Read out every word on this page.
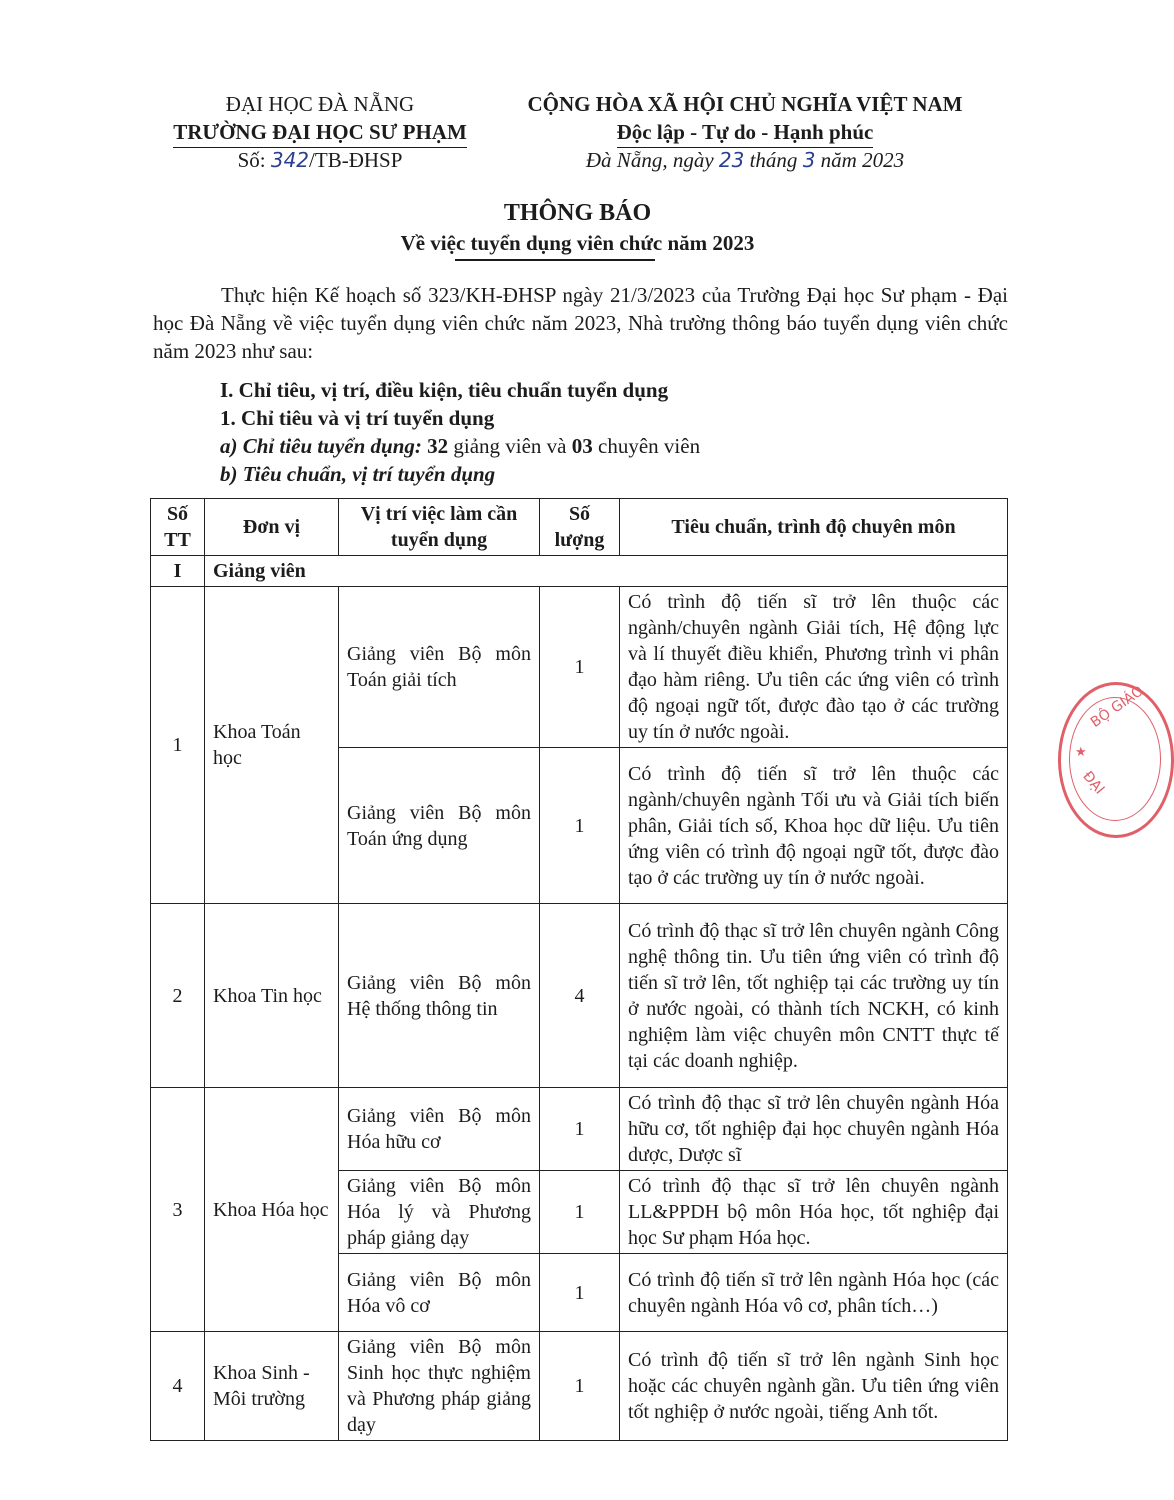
ĐẠI HỌC ĐÀ NẴNG
TRƯỜNG ĐẠI HỌC SƯ PHẠM
Số: 342/TB-ĐHSP
CỘNG HÒA XÃ HỘI CHỦ NGHĨA VIỆT NAM
Độc lập - Tự do - Hạnh phúc
Đà Nẵng, ngày 23 tháng 3 năm 2023
THÔNG BÁO
Về việc tuyển dụng viên chức năm 2023

Thực hiện Kế hoạch số 323/KH-ĐHSP ngày 21/3/2023 của Trường Đại học Sư phạm - Đại học Đà Nẵng về việc tuyển dụng viên chức năm 2023, Nhà trường thông báo tuyển dụng viên chức năm 2023 như sau:

I. Chỉ tiêu, vị trí, điều kiện, tiêu chuẩn tuyển dụng
1. Chỉ tiêu và vị trí tuyển dụng
a) Chỉ tiêu tuyển dụng: 32 giảng viên và 03 chuyên viên
b) Tiêu chuẩn, vị trí tuyển dụng
Số TT	Đơn vị	Vị trí việc làm cần tuyển dụng	Số lượng	Tiêu chuẩn, trình độ chuyên môn
I	Giảng viên			
1	Khoa Toán học	Giảng viên Bộ môn Toán giải tích	1	Có trình độ tiến sĩ trở lên thuộc các ngành/chuyên ngành Giải tích, Hệ động lực và lí thuyết điều khiển, Phương trình vi phân đạo hàm riêng. Ưu tiên các ứng viên có trình độ ngoại ngữ tốt, được đào tạo ở các trường uy tín ở nước ngoài.
		Giảng viên Bộ môn Toán ứng dụng	1	Có trình độ tiến sĩ trở lên thuộc các ngành/chuyên ngành Tối ưu và Giải tích biến phân, Giải tích số, Khoa học dữ liệu. Ưu tiên ứng viên có trình độ ngoại ngữ tốt, được đào tạo ở các trường uy tín ở nước ngoài.
2	Khoa Tin học	Giảng viên Bộ môn Hệ thống thông tin	4	Có trình độ thạc sĩ trở lên chuyên ngành Công nghệ thông tin. Ưu tiên ứng viên có trình độ tiến sĩ trở lên, tốt nghiệp tại các trường uy tín ở nước ngoài, có thành tích NCKH, có kinh nghiệm làm việc chuyên môn CNTT thực tế tại các doanh nghiệp.
3	Khoa Hóa học	Giảng viên Bộ môn Hóa hữu cơ	1	Có trình độ thạc sĩ trở lên chuyên ngành Hóa hữu cơ, tốt nghiệp đại học chuyên ngành Hóa dược, Dược sĩ
		Giảng viên Bộ môn Hóa lý và Phương pháp giảng dạy	1	Có trình độ thạc sĩ trở lên chuyên ngành LL&PPDH bộ môn Hóa học, tốt nghiệp đại học Sư phạm Hóa học.
		Giảng viên Bộ môn Hóa vô cơ	1	Có trình độ tiến sĩ trở lên ngành Hóa học (các chuyên ngành Hóa vô cơ, phân tích…)
4	Khoa Sinh - Môi trường	Giảng viên Bộ môn Sinh học thực nghiệm và Phương pháp giảng dạy	1	Có trình độ tiến sĩ trở lên ngành Sinh học hoặc các chuyên ngành gần. Ưu tiên ứng viên tốt nghiệp ở nước ngoài, tiếng Anh tốt.
BỘ GIÁO
★
ĐẠI
